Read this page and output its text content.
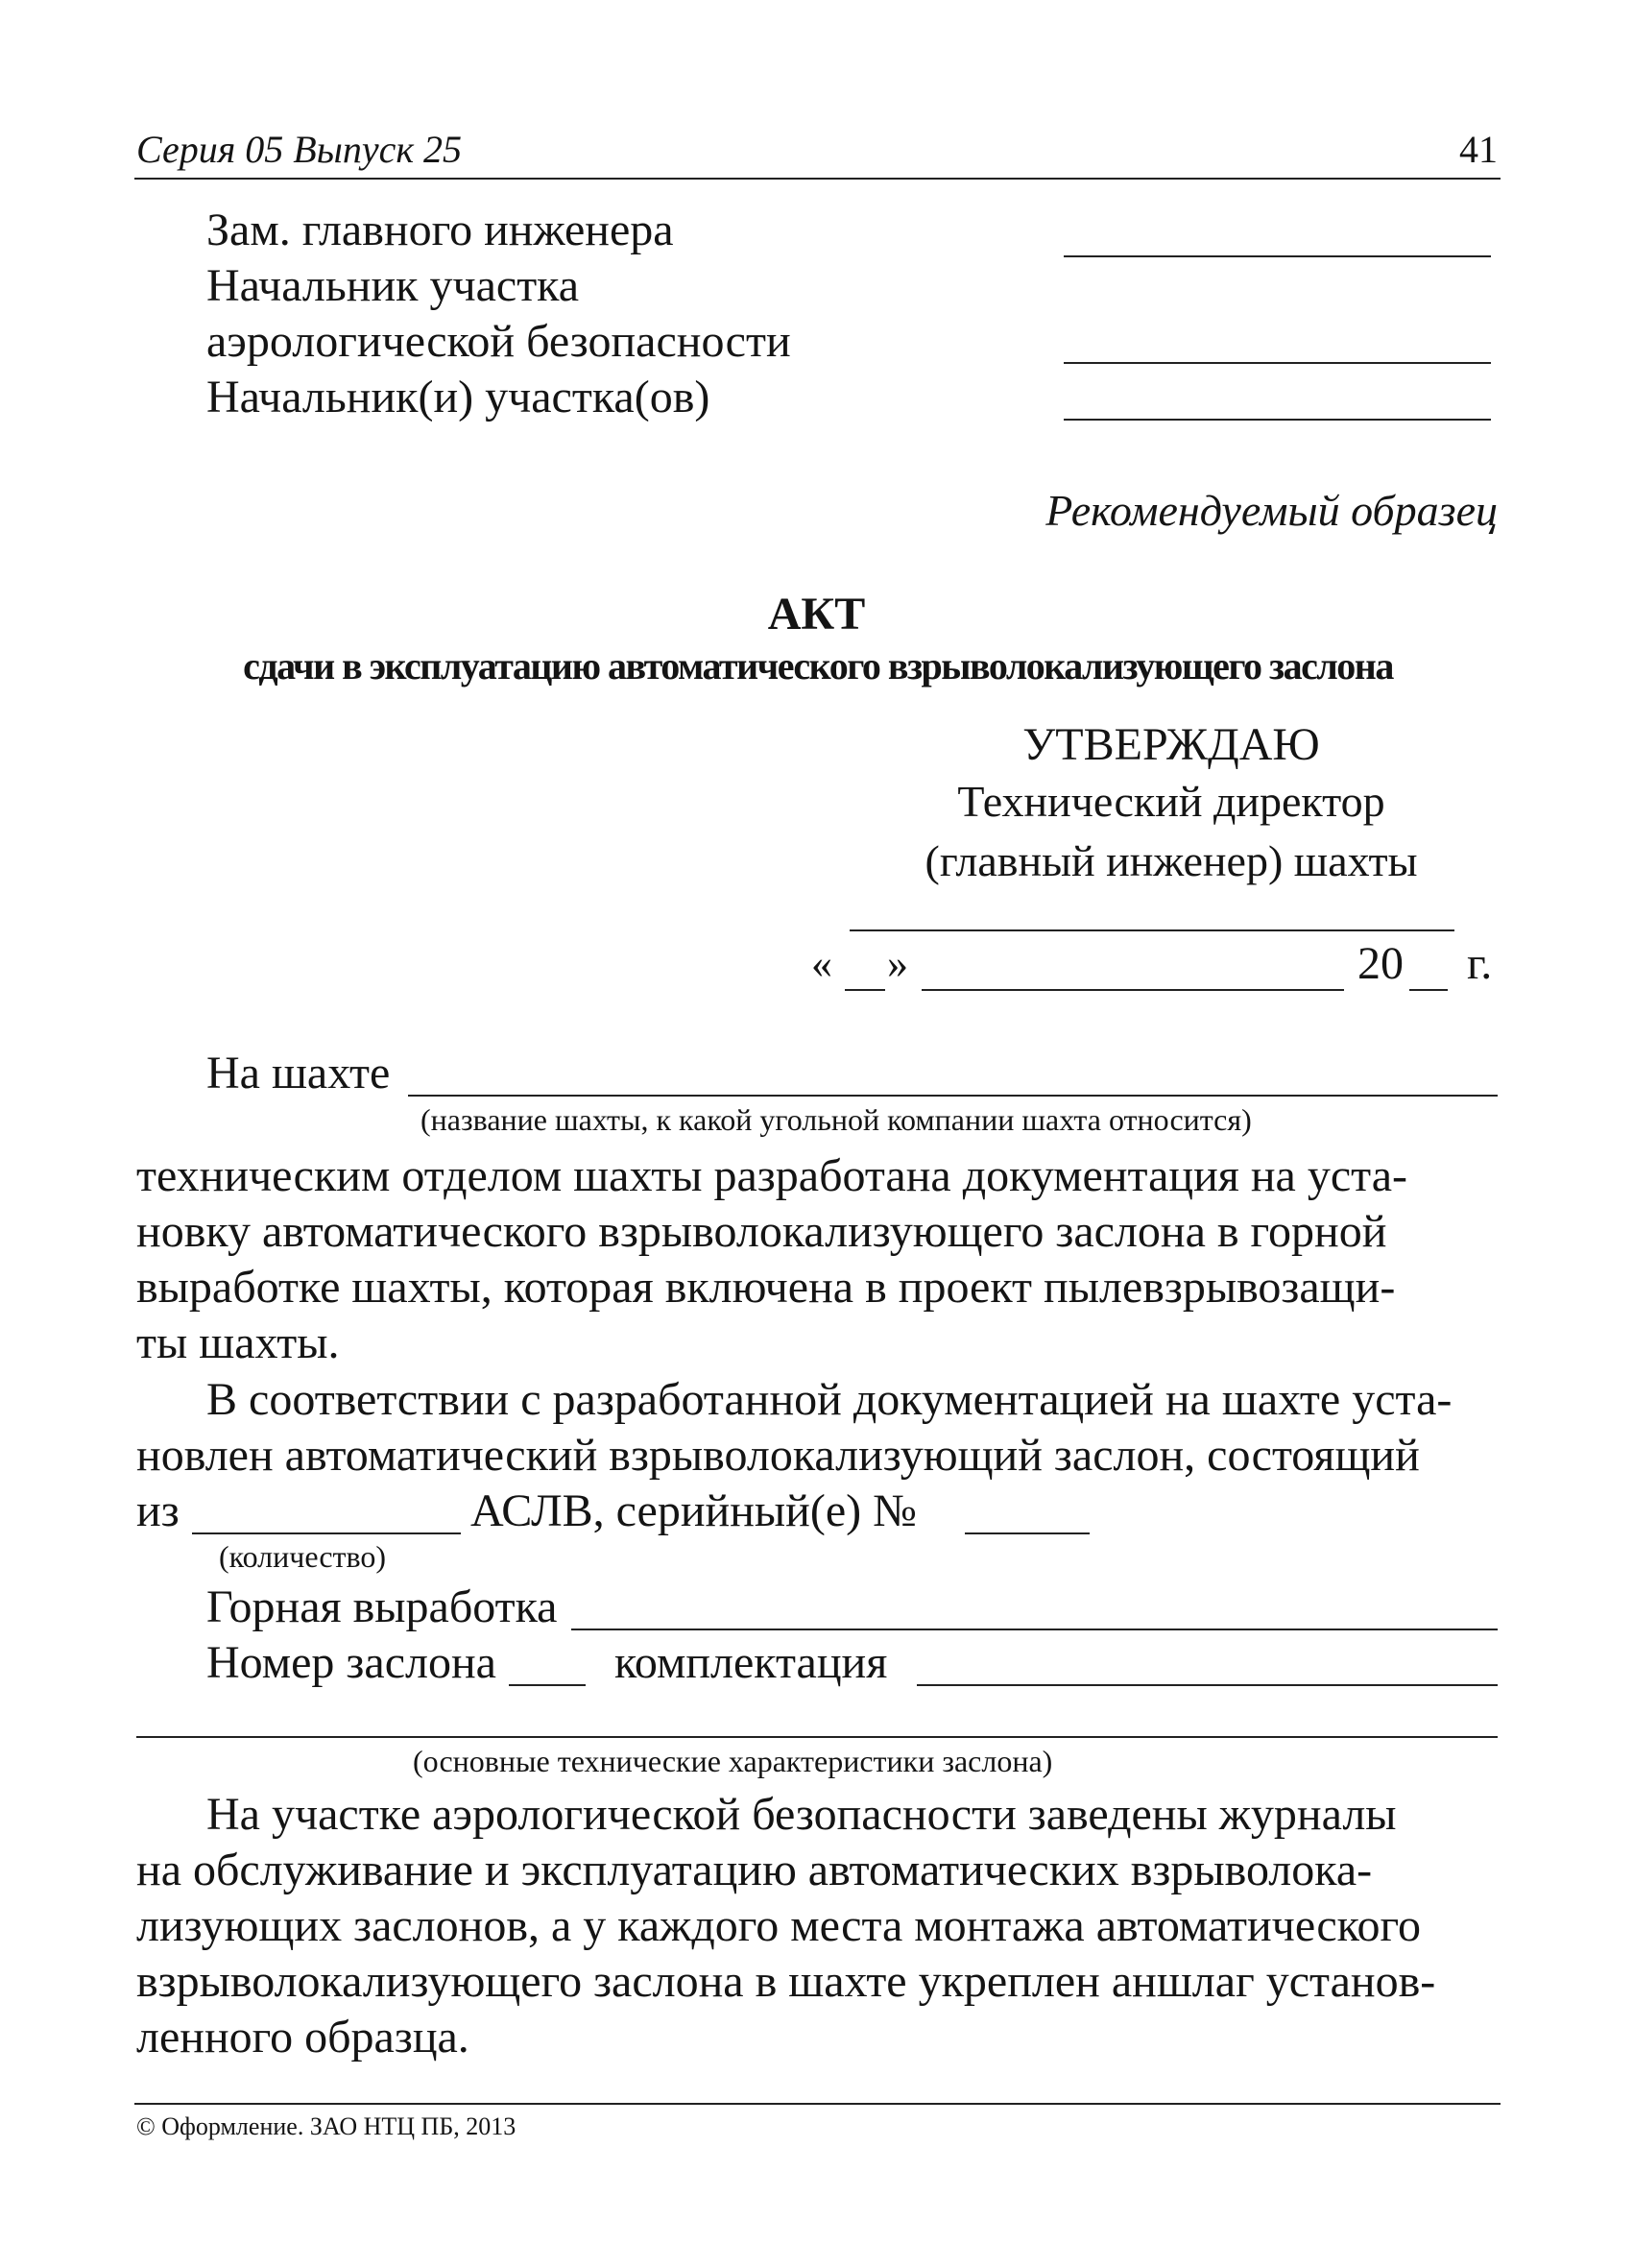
Серия 05 Выпуск 25	41
Зам. главного инженера
Начальник участка
аэрологической безопасности
Начальник(и) участка(ов)
Рекомендуемый образец
АКТ
сдачи в эксплуатацию автоматического взрыволокализующего заслона
УТВЕРЖДАЮ
Технический директор
(главный инженер) шахты
« »	20 г.
На шахте
(название шахты, к какой угольной компании шахта относится)
техническим отделом шахты разработана документация на уста-
новку автоматического взрыволокализующего заслона в горной
выработке шахты, которая включена в проект пылевзрывозащи-
ты шахты.
В соответствии с разработанной документацией на шахте уста-
новлен автоматический взрыволокализующий заслон, состоящий
из	АСЛВ, серийный(е) №
(количество)
Горная выработка
Номер заслона	комплектация
(основные технические характеристики заслона)
На участке аэрологической безопасности заведены журналы
на обслуживание и эксплуатацию автоматических взрыволока-
лизующих заслонов, а у каждого места монтажа автоматического
взрыволокализующего заслона в шахте укреплен аншлаг установ-
ленного образца.
© Оформление. ЗАО НТЦ ПБ, 2013
